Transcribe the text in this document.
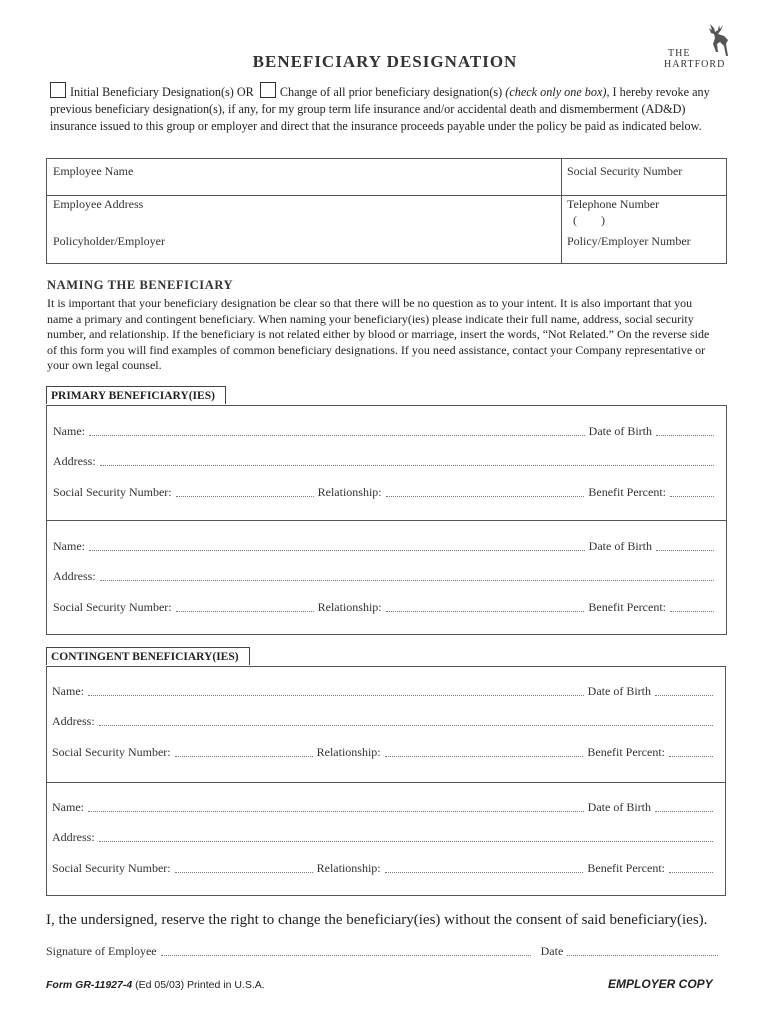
BENEFICIARY DESIGNATION	THE
HARTFORD
Initial Beneficiary Designation(s) OR Change of all prior beneficiary designation(s) (check only one box), I hereby revoke any previous beneficiary designation(s), if any, for my group term life insurance and/or accidental death and dismemberment (AD&D) insurance issued to this group or employer and direct that the insurance proceeds payable under the policy be paid as indicated below.
Employee Name	Social Security Number
Employee Address	Telephone Number
(        )
Policyholder/Employer	Policy/Employer Number
NAMING THE BENEFICIARY
It is important that your beneficiary designation be clear so that there will be no question as to your intent. It is also important that you name a primary and contingent beneficiary. When naming your beneficiary(ies) please indicate their full name, address, social security number, and relationship. If the beneficiary is not related either by blood or marriage, insert the words, “Not Related.” On the reverse side of this form you will find examples of common beneficiary designations. If you need assistance, contact your Company representative or your own legal counsel.
PRIMARY BENEFICIARY(IES)
Name:	Date of Birth
Address:
Social Security Number:	Relationship:	Benefit Percent:
Name:	Date of Birth
Address:
Social Security Number:	Relationship:	Benefit Percent:
CONTINGENT BENEFICIARY(IES)
Name:	Date of Birth
Address:
Social Security Number:	Relationship:	Benefit Percent:
Name:	Date of Birth
Address:
Social Security Number:	Relationship:	Benefit Percent:
I, the undersigned, reserve the right to change the beneficiary(ies) without the consent of said beneficiary(ies).
Signature of Employee	Date
Form GR-11927-4 (Ed 05/03) Printed in U.S.A.	EMPLOYER COPY
